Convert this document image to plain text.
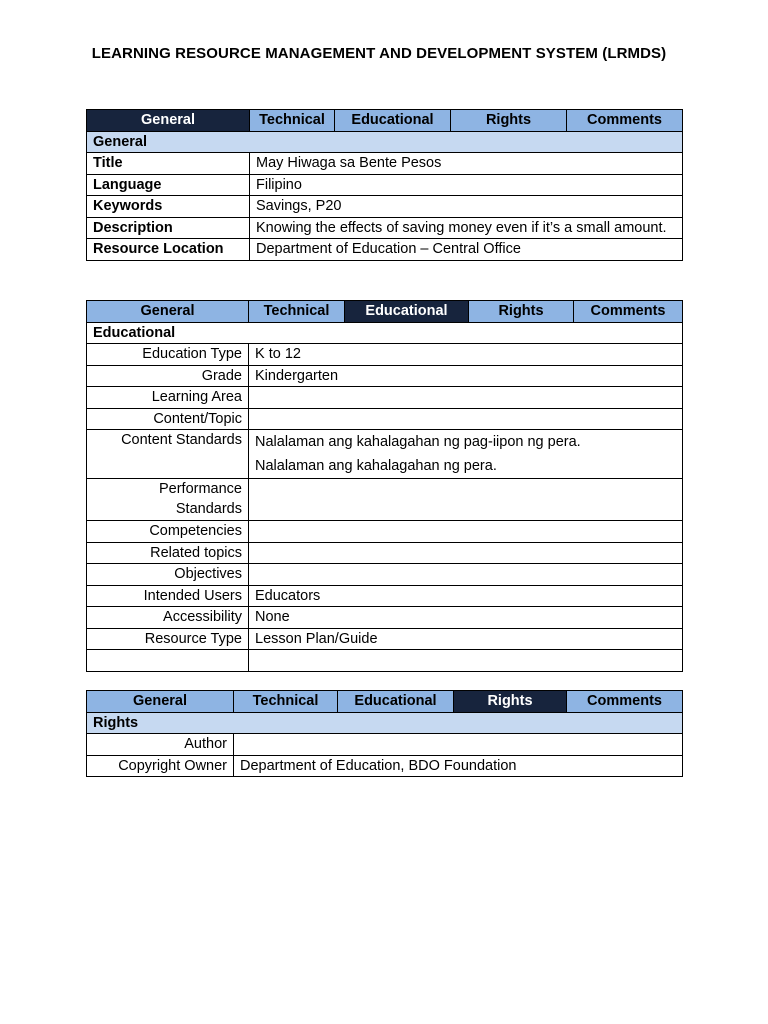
LEARNING RESOURCE MANAGEMENT AND DEVELOPMENT SYSTEM (LRMDS)
General	Technical	Educational	Rights	Comments
General				
Title	May Hiwaga sa Bente Pesos			
Language	Filipino			
Keywords	Savings, P20			
Description	Knowing the effects of saving money even if it’s a small amount.			
Resource Location	Department of Education – Central Office			
General	Technical	Educational	Rights	Comments
Educational				
Education Type	K to 12			
Grade	Kindergarten			
Learning Area				
Content/Topic				
Content Standards	Nalalaman ang kahalagahan ng pag-iipon ng pera.
Nalalaman ang kahalagahan ng pera.			

Performance Standards				
Competencies				
Related topics				
Objectives				
Intended Users	Educators			
Accessibility	None			
Resource Type	Lesson Plan/Guide			

General	Technical	Educational	Rights	Comments
Rights				
Author				
Copyright Owner	Department of Education, BDO Foundation			
